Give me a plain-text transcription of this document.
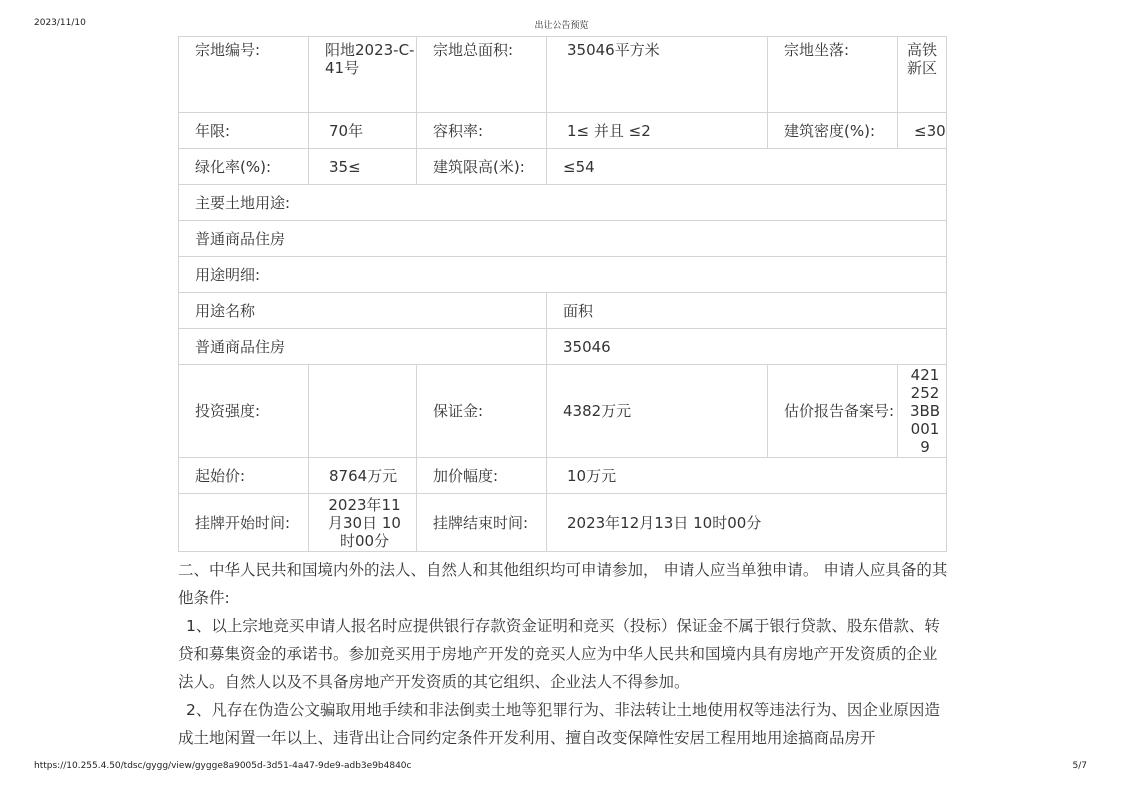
2023/11/10	出让公告预览
宗地编号:	阳地2023-C-41号	宗地总面积:	35046平方米	宗地坐落:	高铁新区
年限:	70年	容积率:	1≤ 并且 ≤2	建筑密度(%):	≤30
绿化率(%):	35≤	建筑限高(米):	≤54		
主要土地用途:					
普通商品住房					
用途明细:					
用途名称			面积		
普通商品住房			35046		
投资强度:		保证金:	4382万元	估价报告备案号:	4212523BB0019
起始价:	8764万元	加价幅度:	10万元		
挂牌开始时间:	2023年11月30日 10时00分	挂牌结束时间:	2023年12月13日 10时00分		

二、中华人民共和国境内外的法人、自然人和其他组织均可申请参加， 申请人应当单独申请。 申请人应具备的其他条件:

1、以上宗地竞买申请人报名时应提供银行存款资金证明和竞买（投标）保证金不属于银行贷款、股东借款、转贷和募集资金的承诺书。参加竞买用于房地产开发的竞买人应为中华人民共和国境内具有房地产开发资质的企业法人。自然人以及不具备房地产开发资质的其它组织、企业法人不得参加。

2、凡存在伪造公文骗取用地手续和非法倒卖土地等犯罪行为、非法转让土地使用权等违法行为、因企业原因造成土地闲置一年以上、违背出让合同约定条件开发利用、擅自改变保障性安居工程用地用途搞商品房开

https://10.255.4.50/tdsc/gygg/view/gygge8a9005d-3d51-4a47-9de9-adb3e9b4840c	5/7
